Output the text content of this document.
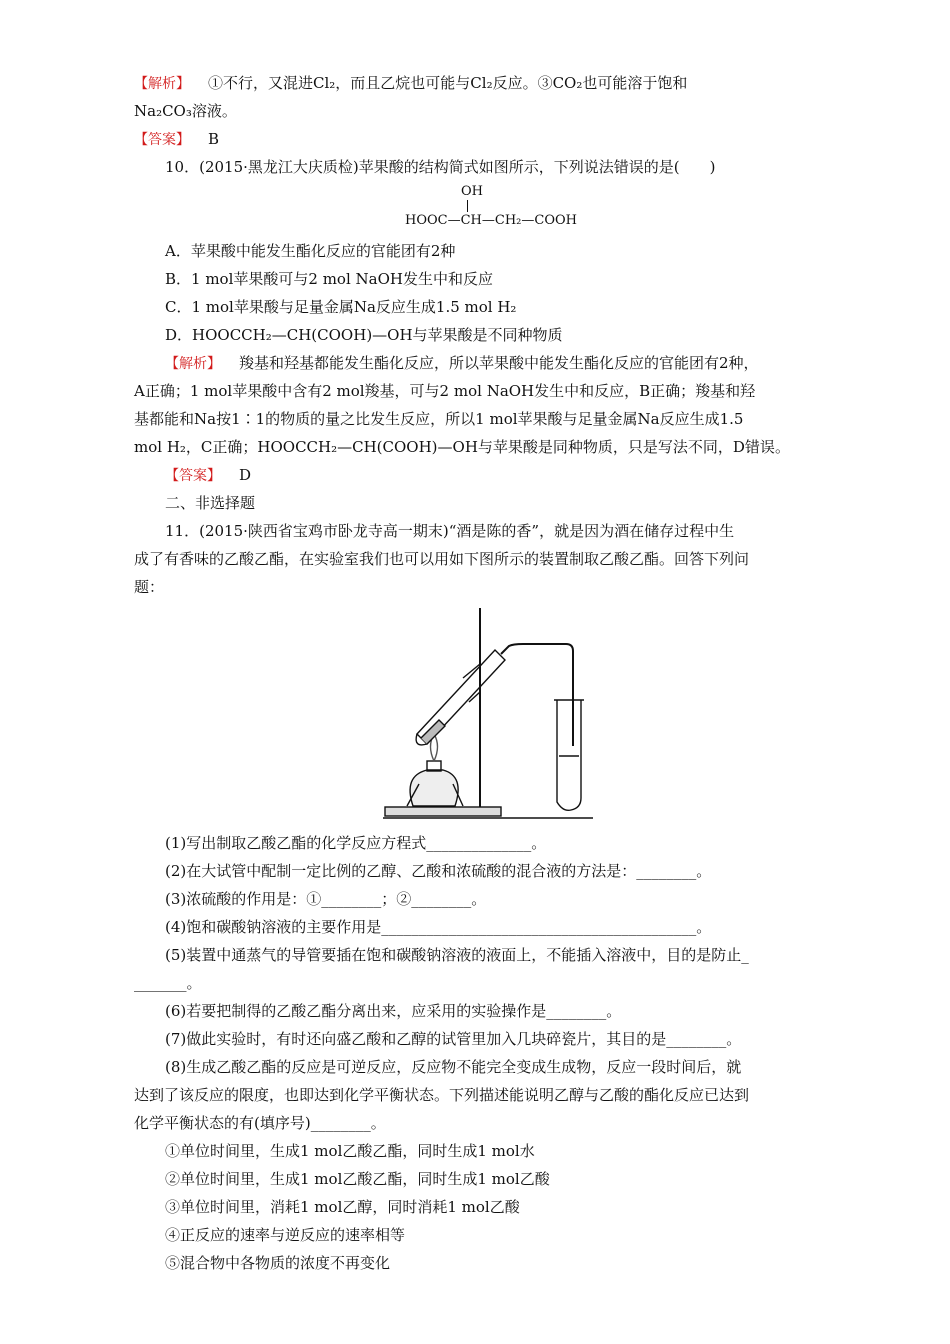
【解析】 ①不行，又混进Cl₂，而且乙烷也可能与Cl₂反应。③CO₂也可能溶于饱和
Na₂CO₃溶液。
【答案】 B
10．(2015·黑龙江大庆质检)苹果酸的结构简式如图所示，下列说法错误的是(　　)
OH
HOOC—CH—CH₂—COOH
A．苹果酸中能发生酯化反应的官能团有2种
B．1 mol苹果酸可与2 mol NaOH发生中和反应
C．1 mol苹果酸与足量金属Na反应生成1.5 mol H₂
D．HOOCCH₂—CH(COOH)—OH与苹果酸是不同种物质
【解析】 羧基和羟基都能发生酯化反应，所以苹果酸中能发生酯化反应的官能团有2种，
A正确；1 mol苹果酸中含有2 mol羧基，可与2 mol NaOH发生中和反应，B正确；羧基和羟
基都能和Na按1∶1的物质的量之比发生反应，所以1 mol苹果酸与足量金属Na反应生成1.5
mol H₂，C正确；HOOCCH₂—CH(COOH)—OH与苹果酸是同种物质，只是写法不同，D错误。
【答案】 D
二、非选择题
11．(2015·陕西省宝鸡市卧龙寺高一期末)“酒是陈的香”，就是因为酒在储存过程中生
成了有香味的乙酸乙酯，在实验室我们也可以用如下图所示的装置制取乙酸乙酯。回答下列问
题：
(1)写出制取乙酸乙酯的化学反应方程式______________。
(2)在大试管中配制一定比例的乙醇、乙酸和浓硫酸的混合液的方法是：________。
(3)浓硫酸的作用是：①________；②________。
(4)饱和碳酸钠溶液的主要作用是__________________________________________。
(5)装置中通蒸气的导管要插在饱和碳酸钠溶液的液面上，不能插入溶液中，目的是防止_
_______。
(6)若要把制得的乙酸乙酯分离出来，应采用的实验操作是________。
(7)做此实验时，有时还向盛乙酸和乙醇的试管里加入几块碎瓷片，其目的是________。
(8)生成乙酸乙酯的反应是可逆反应，反应物不能完全变成生成物，反应一段时间后，就
达到了该反应的限度，也即达到化学平衡状态。下列描述能说明乙醇与乙酸的酯化反应已达到
化学平衡状态的有(填序号)________。
①单位时间里，生成1 mol乙酸乙酯，同时生成1 mol水
②单位时间里，生成1 mol乙酸乙酯，同时生成1 mol乙酸
③单位时间里，消耗1 mol乙醇，同时消耗1 mol乙酸
④正反应的速率与逆反应的速率相等
⑤混合物中各物质的浓度不再变化
